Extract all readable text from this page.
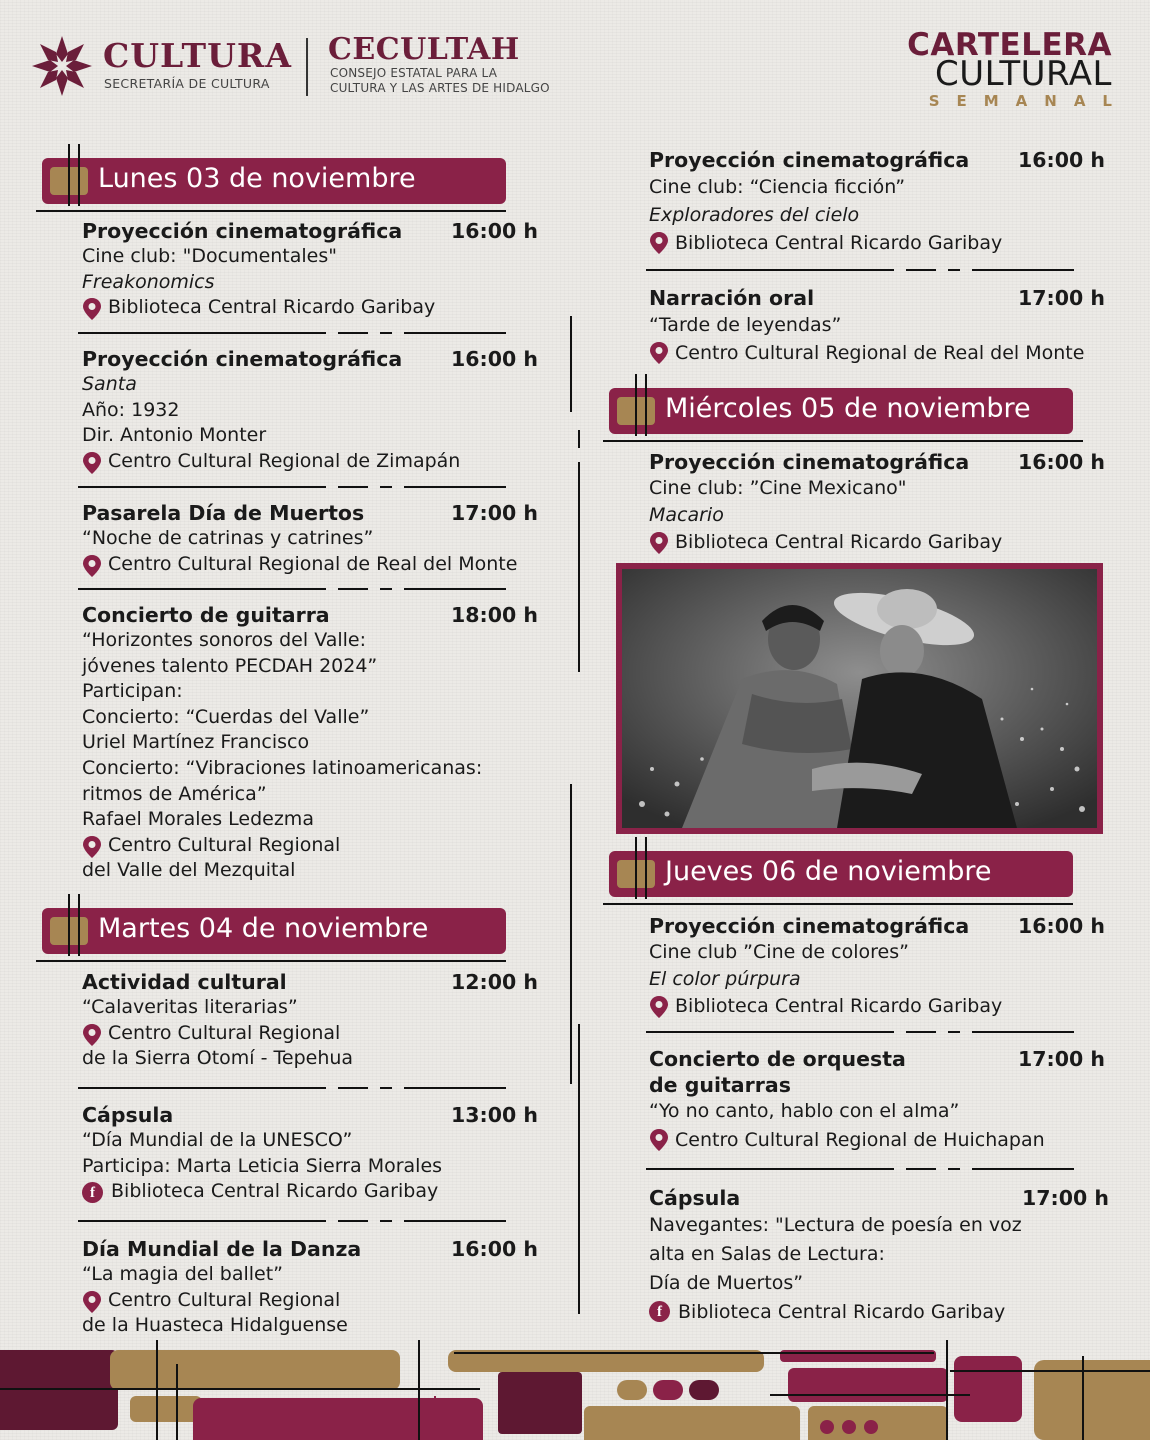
CULTURA
SECRETARÍA DE CULTURA
CECULTAH
CONSEJO ESTATAL PARA LA
CULTURA Y LAS ARTES DE HIDALGO
CARTELERA
CULTURAL
SEMANAL
Lunes 03 de noviembre
Proyección cinematográfica	16:00 h
Cine club: "Documentales"
Freakonomics
Biblioteca Central Ricardo Garibay
Proyección cinematográfica	16:00 h
Santa
Año: 1932
Dir. Antonio Monter
Centro Cultural Regional de Zimapán
Pasarela Día de Muertos	17:00 h
“Noche de catrinas y catrines”
Centro Cultural Regional de Real del Monte
Concierto de guitarra	18:00 h
“Horizontes sonoros del Valle:
jóvenes talento PECDAH 2024”
Participan:
Concierto: “Cuerdas del Valle”
Uriel Martínez Francisco
Concierto: “Vibraciones latinoamericanas:
ritmos de América”
Rafael Morales Ledezma
Centro Cultural Regional
del Valle del Mezquital
Martes 04 de noviembre
Actividad cultural	12:00 h
“Calaveritas literarias”
Centro Cultural Regional
de la Sierra Otomí - Tepehua
Cápsula	13:00 h
“Día Mundial de la UNESCO”
Participa: Marta Leticia Sierra Morales
f Biblioteca Central Ricardo Garibay
Día Mundial de la Danza	16:00 h
“La magia del ballet”
Centro Cultural Regional
de la Huasteca Hidalguense
Proyección cinematográfica	16:00 h
Cine club: “Ciencia ficción”
Exploradores del cielo
Biblioteca Central Ricardo Garibay
Narración oral	17:00 h
“Tarde de leyendas”
Centro Cultural Regional de Real del Monte
Miércoles 05 de noviembre
Proyección cinematográfica	16:00 h
Cine club: ”Cine Mexicano"
Macario
Biblioteca Central Ricardo Garibay
Jueves 06 de noviembre
Proyección cinematográfica	16:00 h
Cine club ”Cine de colores”
El color púrpura
Biblioteca Central Ricardo Garibay
Concierto de orquesta
de guitarras
17:00 h
“Yo no canto, hablo con el alma”
Centro Cultural Regional de Huichapan
Cápsula	17:00 h
Navegantes: "Lectura de poesía en voz
alta en Salas de Lectura:
Día de Muertos”
f Biblioteca Central Ricardo Garibay
